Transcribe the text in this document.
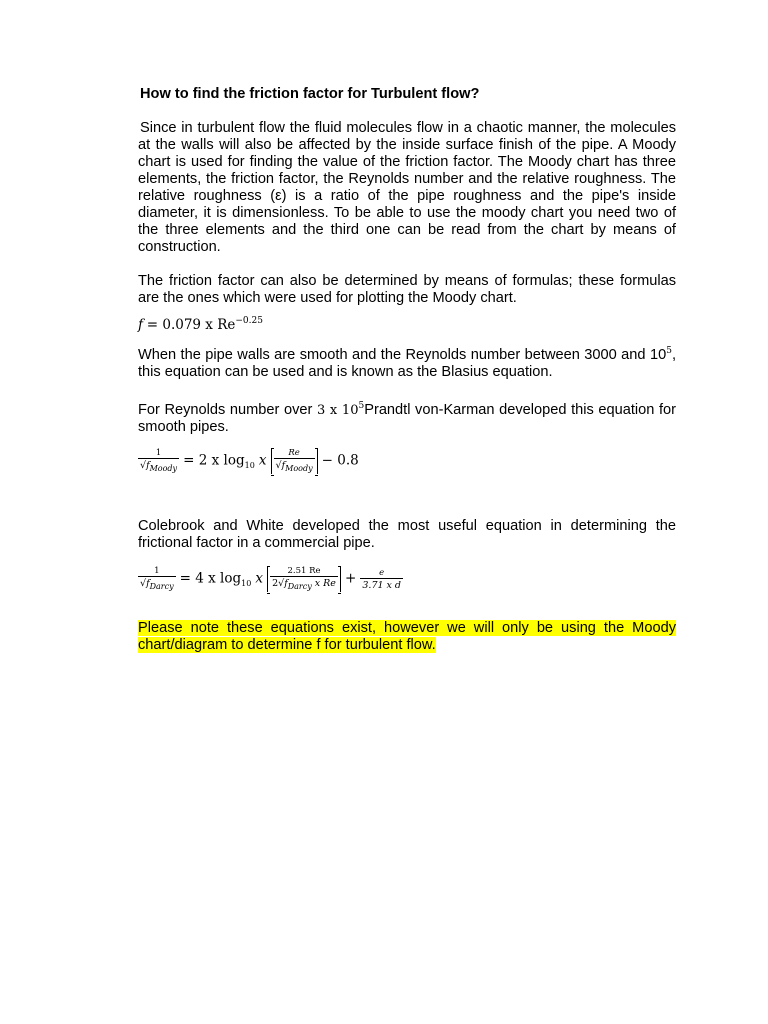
How to find the friction factor for Turbulent flow?

Since in turbulent flow the fluid molecules flow in a chaotic manner, the molecules at the walls will also be affected by the inside surface finish of the pipe. A Moody chart is used for finding the value of the friction factor. The Moody chart has three elements, the friction factor, the Reynolds number and the relative roughness. The relative roughness (ε) is a ratio of the pipe roughness and the pipe's inside diameter, it is dimensionless. To be able to use the moody chart you need two of the three elements and the third one can be read from the chart by means of construction.

The friction factor can also be determined by means of formulas; these formulas are the ones which were used for plotting the Moody chart.

f = 0.079 x $Re^{-0.25}$

When the pipe walls are smooth and the Reynolds number between 3000 and $10^5$, this equation can be used and is known as the Blasius equation.

For Reynolds number over 3 x $10^5Prandtl$ von-Karman developed this equation for smooth pipes.

$\frac{1}{√f_{Moody}} = 2$ x $\log_{10} x \frac{Re}{√f_{Moody}} - 0.8$

Colebrook and White developed the most useful equation in determining the frictional factor in a commercial pipe.

$\frac{1}{√f_{Darcy}} = 4$ x $\log_{10} x \frac{2.51 Re}{2√f_{Darcy} x Re} + \frac{e}{\text{3.71 x d}}$

Please note these equations exist, however we will only be using the Moody chart/diagram to determine f for turbulent flow.
